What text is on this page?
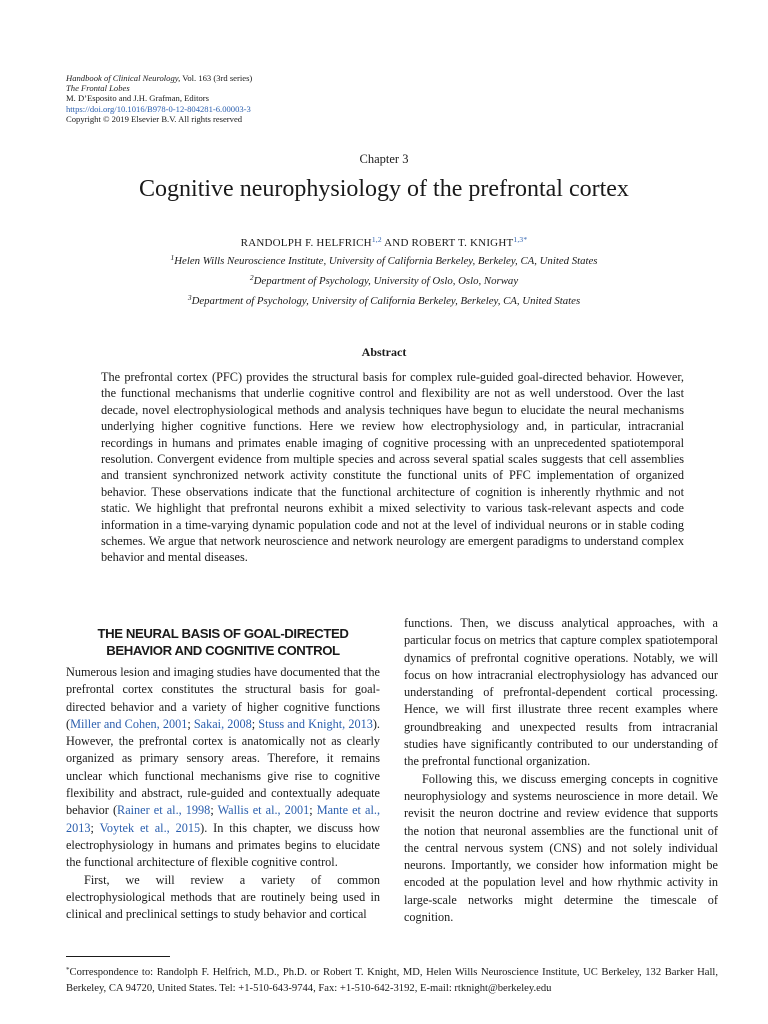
Handbook of Clinical Neurology, Vol. 163 (3rd series)
The Frontal Lobes
M. D’Esposito and J.H. Grafman, Editors
https://doi.org/10.1016/B978-0-12-804281-6.00003-3
Copyright © 2019 Elsevier B.V. All rights reserved
Chapter 3
Cognitive neurophysiology of the prefrontal cortex
RANDOLPH F. HELFRICH$^{1,2}$ AND ROBERT T. $KNIGHT^{1,3*}$
$^1$Helen Wills Neuroscience Institute, University of California Berkeley, Berkeley, CA, United States
$^2$Department of Psychology, University of Oslo, Oslo, Norway
$^3$Department of Psychology, University of California Berkeley, Berkeley, CA, United States
Abstract
The prefrontal cortex (PFC) provides the structural basis for complex rule-guided goal-directed behavior. However, the functional mechanisms that underlie cognitive control and flexibility are not as well understood. Over the last decade, novel electrophysiological methods and analysis techniques have begun to elucidate the neural mechanisms underlying higher cognitive functions. Here we review how electrophysiology and, in particular, intracranial recordings in humans and primates enable imaging of cognitive processing with an unprecedented spatiotemporal resolution. Convergent evidence from multiple species and across several spatial scales suggests that cell assemblies and transient synchronized network activity constitute the functional units of PFC implementation of organized behavior. These observations indicate that the functional architecture of cognition is inherently rhythmic and not static. We highlight that prefrontal neurons exhibit a mixed selectivity to various task-relevant aspects and code information in a time-varying dynamic population code and not at the level of individual neurons or in stable coding schemes. We argue that network neuroscience and network neurology are emergent paradigms to understand complex behavior and mental diseases.
THE NEURAL BASIS OF GOAL-DIRECTED
BEHAVIOR AND COGNITIVE CONTROL

Numerous lesion and imaging studies have documented that the prefrontal cortex constitutes the structural basis for goal-directed behavior and a variety of higher cognitive functions (Miller and Cohen, 2001; Sakai, 2008; Stuss and Knight, 2013). However, the prefrontal cortex is anatomically not as clearly organized as primary sensory areas. Therefore, it remains unclear which functional mechanisms give rise to cognitive flexibility and abstract, rule-guided and contextually adequate behavior (Rainer et al., 1998; Wallis et al., 2001; Mante et al., 2013; Voytek et al., 2015). In this chapter, we discuss how electrophysiology in humans and primates begins to elucidate the functional architecture of flexible cognitive control.

First, we will review a variety of common electrophysiological methods that are routinely being used in clinical and preclinical settings to study behavior and cortical

functions. Then, we discuss analytical approaches, with a particular focus on metrics that capture complex spatiotemporal dynamics of prefrontal cognitive operations. Notably, we will focus on how intracranial electrophysiology has advanced our understanding of prefrontal-dependent cortical processing. Hence, we will first illustrate three recent examples where groundbreaking and unexpected results from intracranial studies have significantly contributed to our understanding of the prefrontal functional organization.

Following this, we discuss emerging concepts in cognitive neurophysiology and systems neuroscience in more detail. We revisit the neuron doctrine and review evidence that supports the notion that neuronal assemblies are the functional unit of the central nervous system (CNS) and not solely individual neurons. Importantly, we consider how information might be encoded at the population level and how rhythmic activity in large-scale networks might determine the timescale of cognition.

*Correspondence to: Randolph F. Helfrich, M.D., Ph.D. or Robert T. Knight, MD, Helen Wills Neuroscience Institute, UC Berkeley, 132 Barker Hall, Berkeley, CA 94720, United States. Tel: +1-510-643-9744, Fax: +1-510-642-3192, E-mail: rtknight@berkeley.edu
